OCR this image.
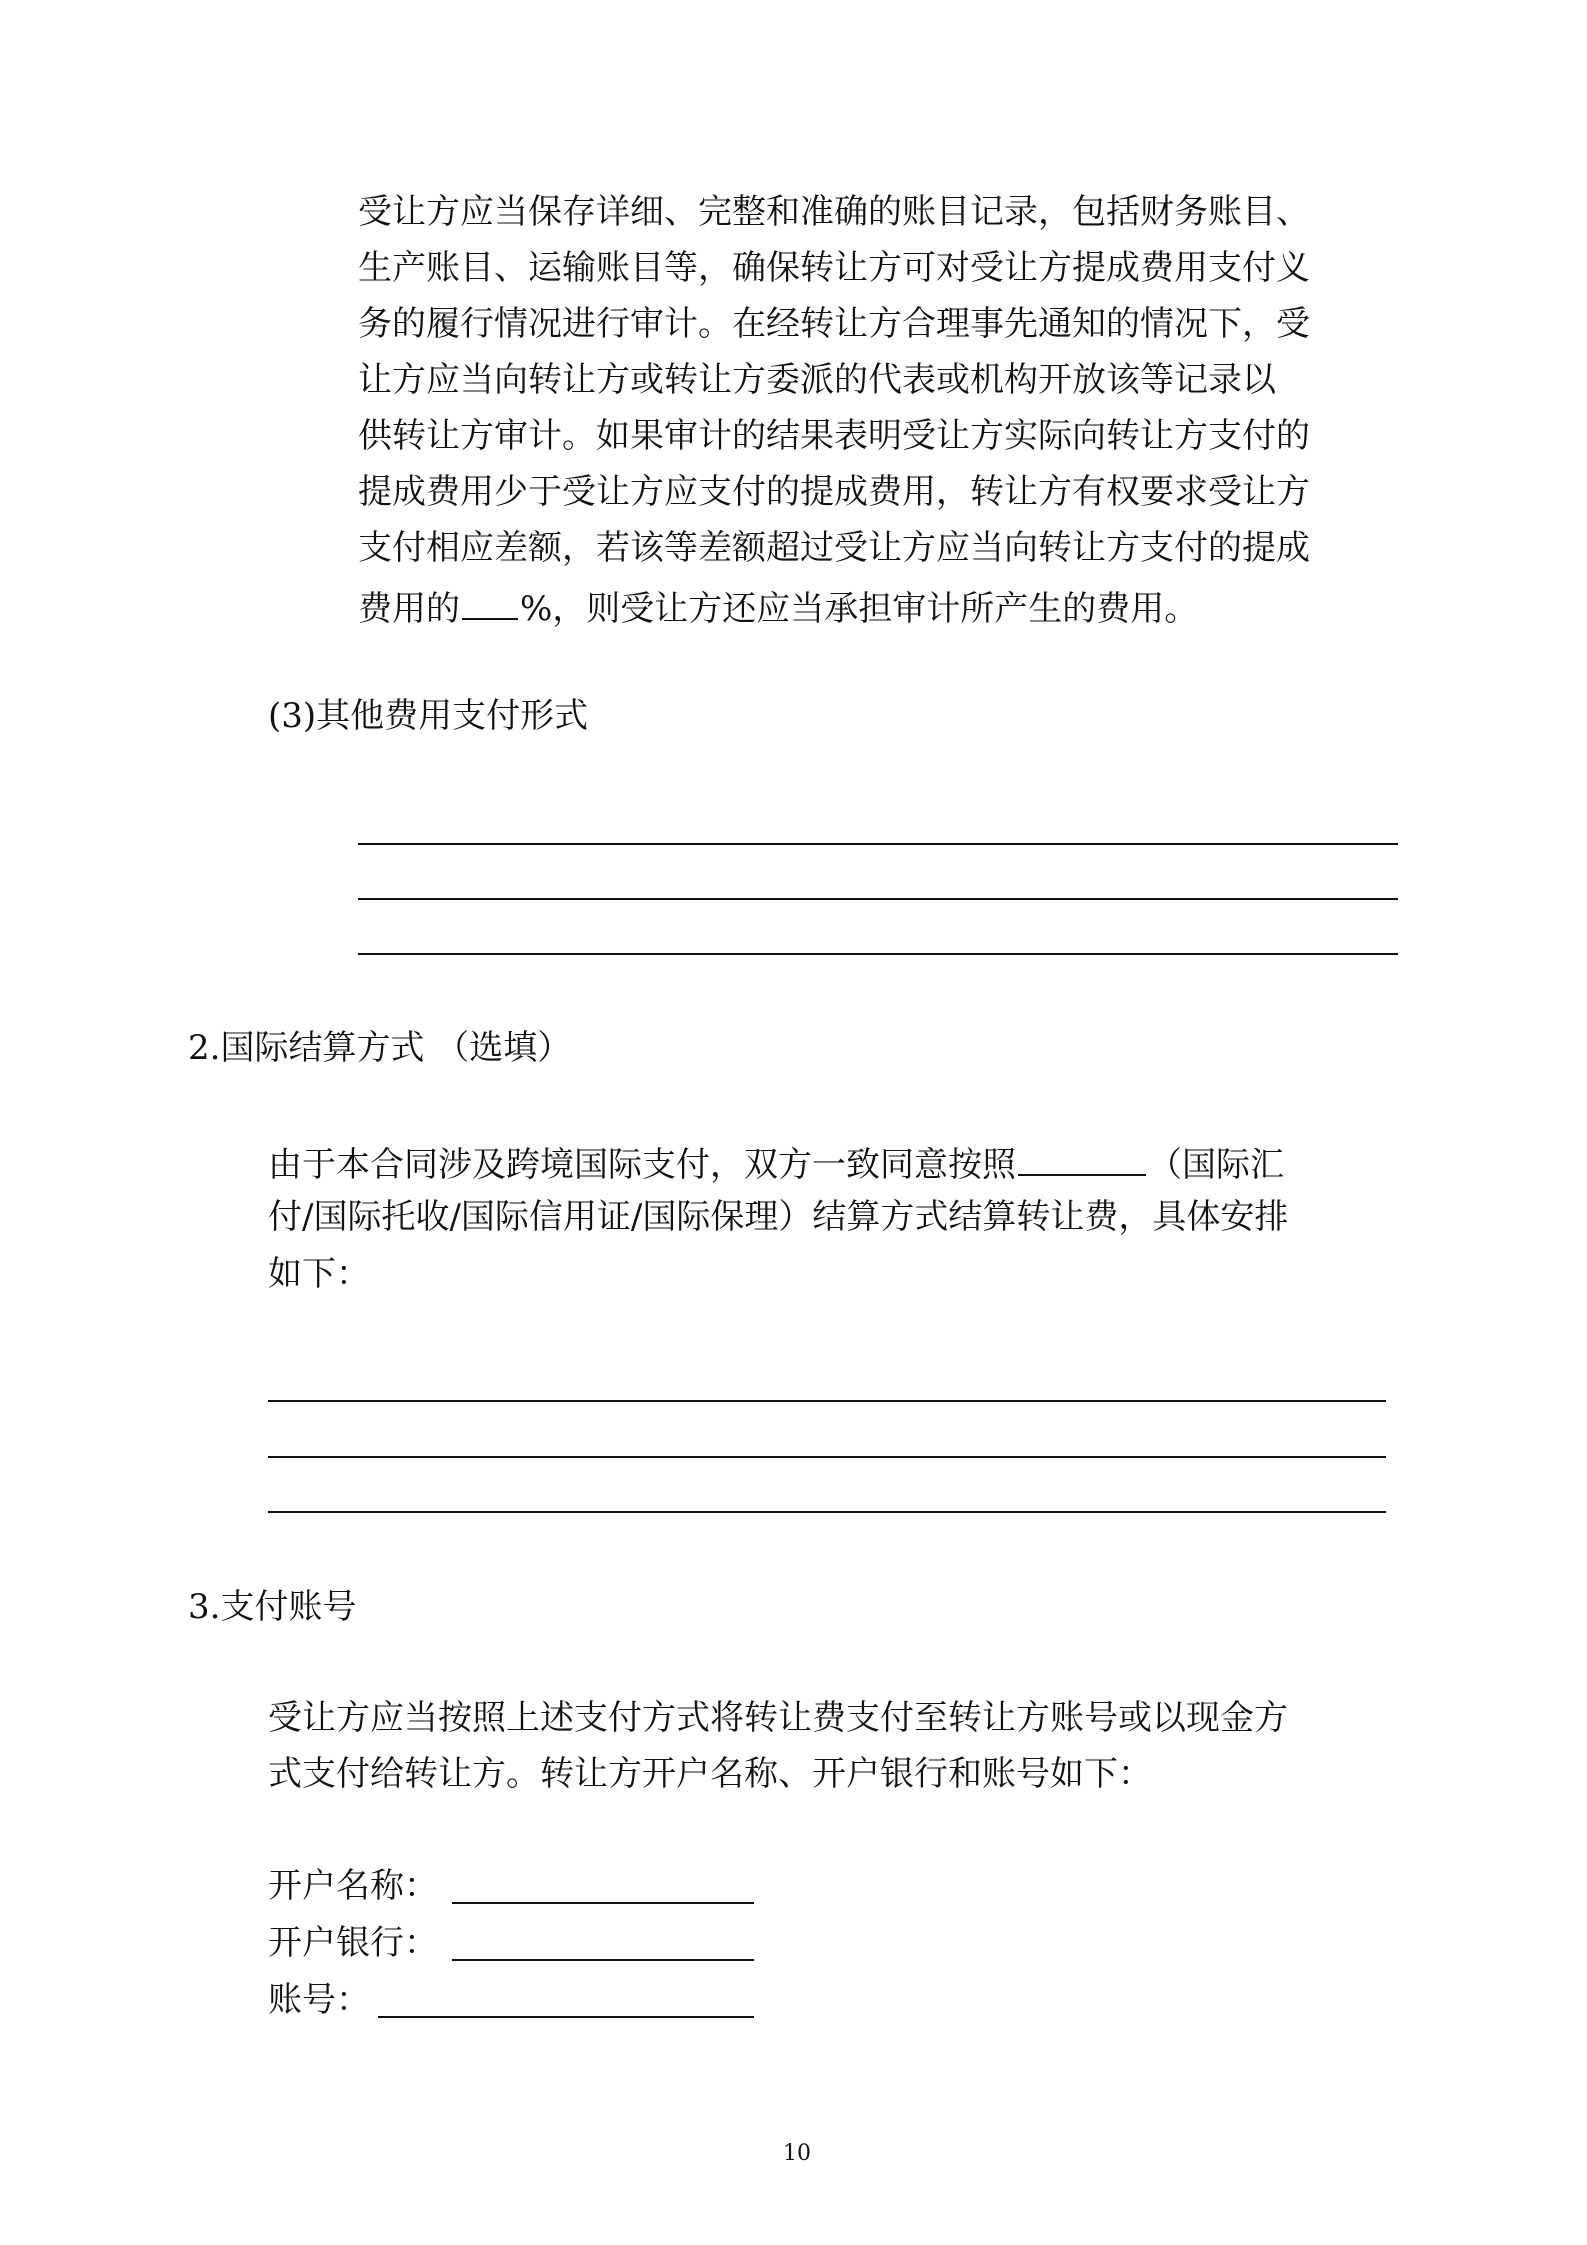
受让方应当保存详细、完整和准确的账目记录，包括财务账目、

生产账目、运输账目等，确保转让方可对受让方提成费用支付义

务的履行情况进行审计。在经转让方合理事先通知的情况下，受

让方应当向转让方或转让方委派的代表或机构开放该等记录以

供转让方审计。如果审计的结果表明受让方实际向转让方支付的

提成费用少于受让方应支付的提成费用，转让方有权要求受让方

支付相应差额，若该等差额超过受让方应当向转让方支付的提成

费用的 %，则受让方还应当承担审计所产生的费用。

(3)其他费用支付形式

2.国际结算方式 （选填）

由于本合同涉及跨境国际支付，双方一致同意按照	（国际汇

付/国际托收/国际信用证/国际保理）结算方式结算转让费，具体安排

如下：

3.支付账号

受让方应当按照上述支付方式将转让费支付至转让方账号或以现金方

式支付给转让方。转让方开户名称、开户银行和账号如下：

开户名称：

开户银行：

账号：

10
